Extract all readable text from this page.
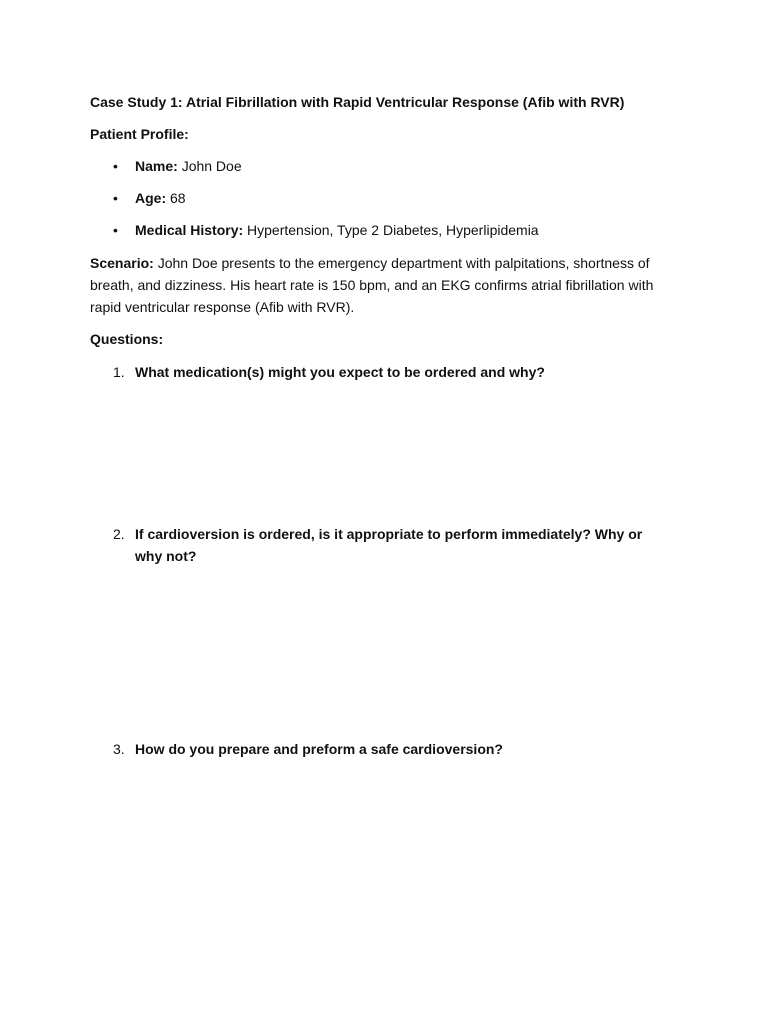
Case Study 1: Atrial Fibrillation with Rapid Ventricular Response (Afib with RVR)
Patient Profile:
• Name: John Doe
• Age: 68
• Medical History: Hypertension, Type 2 Diabetes, Hyperlipidemia
Scenario: John Doe presents to the emergency department with palpitations, shortness of
breath, and dizziness. His heart rate is 150 bpm, and an EKG confirms atrial fibrillation with
rapid ventricular response (Afib with RVR).
Questions:
1. What medication(s) might you expect to be ordered and why?
2. If cardioversion is ordered, is it appropriate to perform immediately? Why or
why not?
3. How do you prepare and preform a safe cardioversion?
